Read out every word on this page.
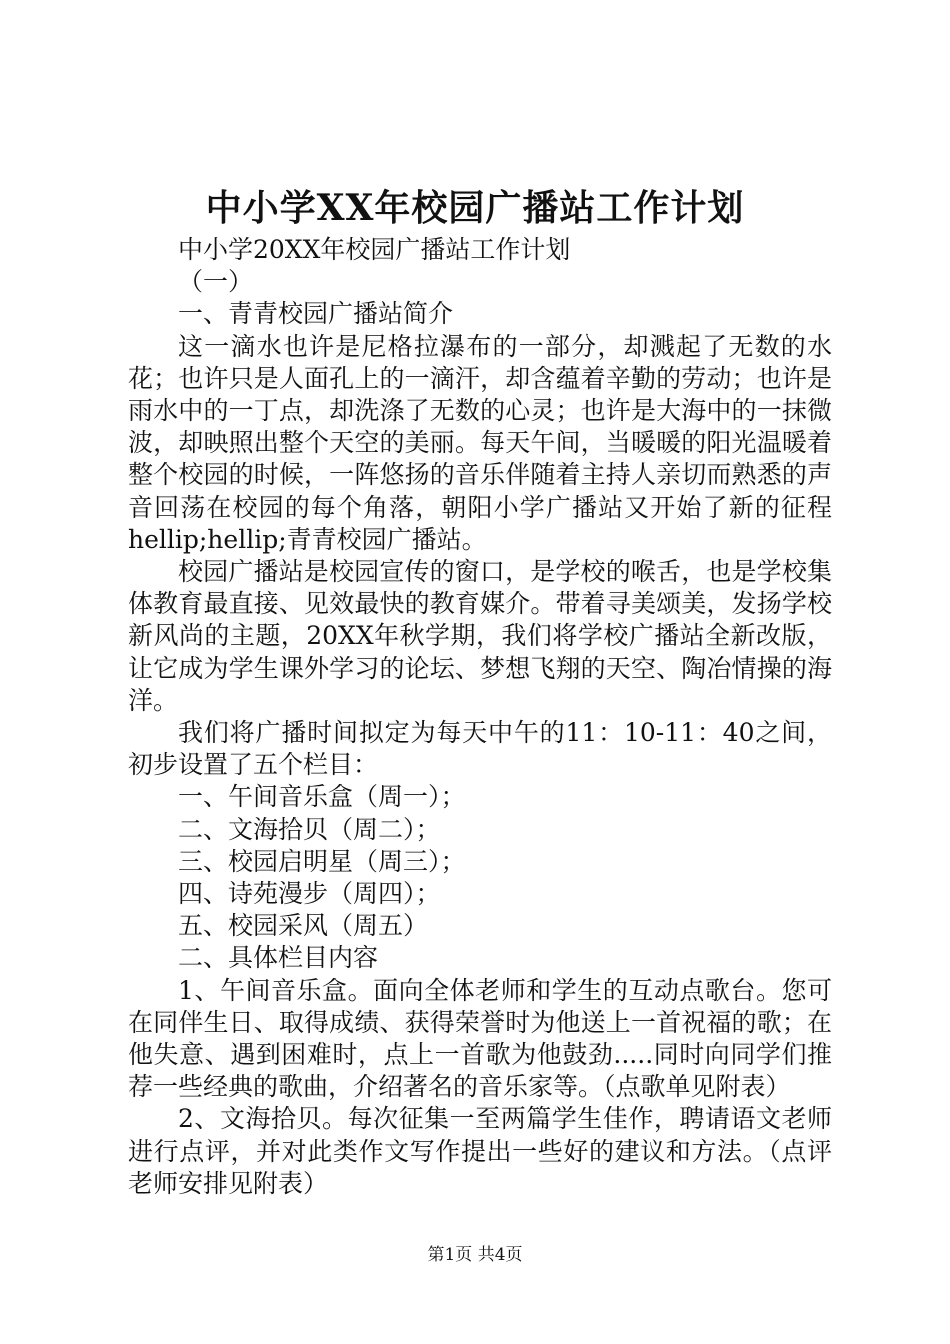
中小学XX年校园广播站工作计划

中小学20XX年校园广播站工作计划

（一）

一、青青校园广播站简介

这一滴水也许是尼格拉瀑布的一部分，却溅起了无数的水花；也许只是人面孔上的一滴汗，却含蕴着辛勤的劳动；也许是雨水中的一丁点，却洗涤了无数的心灵；也许是大海中的一抹微波，却映照出整个天空的美丽。每天午间，当暖暖的阳光温暖着整个校园的时候，一阵悠扬的音乐伴随着主持人亲切而熟悉的声音回荡在校园的每个角落，朝阳小学广播站又开始了新的征程hellip;hellip;青青校园广播站。

校园广播站是校园宣传的窗口，是学校的喉舌，也是学校集体教育最直接、见效最快的教育媒介。带着寻美颂美，发扬学校新风尚的主题，20XX年秋学期，我们将学校广播站全新改版，让它成为学生课外学习的论坛、梦想飞翔的天空、陶冶情操的海洋。

我们将广播时间拟定为每天中午的11：10-11：40之间，初步设置了五个栏目：

一、午间音乐盒（周一）；

二、文海拾贝（周二）；

三、校园启明星（周三）；

四、诗苑漫步（周四）；

五、校园采风（周五）

二、具体栏目内容

1、午间音乐盒。面向全体老师和学生的互动点歌台。您可在同伴生日、取得成绩、获得荣誉时为他送上一首祝福的歌；在他失意、遇到困难时，点上一首歌为他鼓劲.....同时向同学们推荐一些经典的歌曲，介绍著名的音乐家等。（点歌单见附表）

2、文海拾贝。每次征集一至两篇学生佳作，聘请语文老师进行点评，并对此类作文写作提出一些好的建议和方法。（点评老师安排见附表）

第1页 共4页
